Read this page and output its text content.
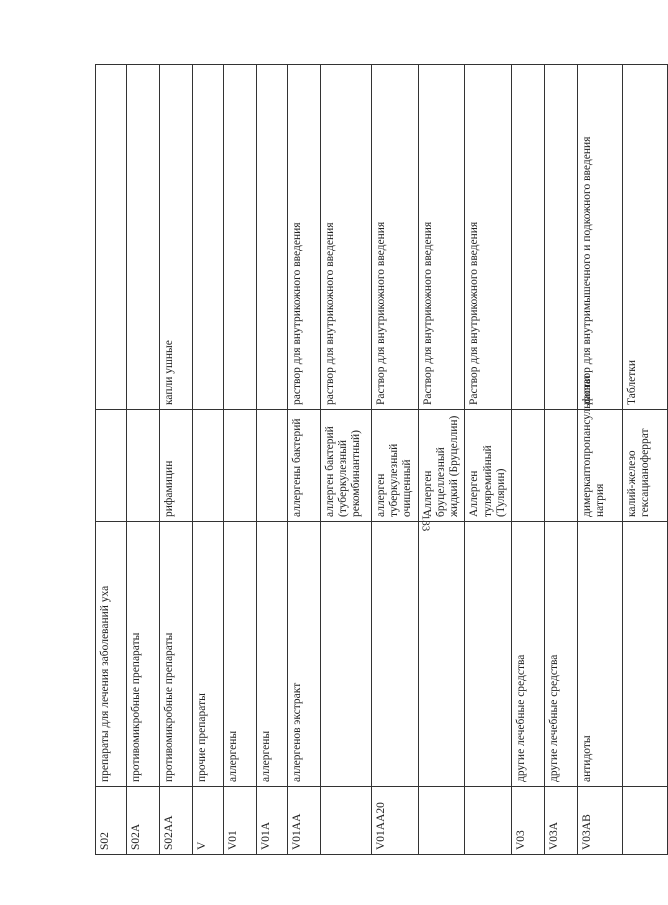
S02	препараты для лечения заболеваний уха		
S02A	противомикробные препараты		
S02AA	противомикробные препараты	рифамицин	капли ушные
V	прочие препараты		
V01	аллергены		
V01A	аллергены		
V01AA	аллергенов экстракт	аллергены бактерий	раствор для внутрикожного введения
		аллерген бактерий (туберкулезный рекомбинантный)	раствор для внутрикожного введения
V01AA20		аллерген туберкулезный очищенный	Раствор для внутрикожного введения
		Аллерген бруцеллезный жидкий (Бруцеллин)	Раствор для внутрикожного введения
		Аллерген туляремийный (Тулярин)	Раствор для внутрикожного введения
V03	другие лечебные средства		
V03A	другие лечебные средства		
V03AB	антидоты	димеркаптопропансульфонат натрия	раствор для внутримышечного и подкожного введения
		калий-железо гексацианоферрат	Таблетки
133
